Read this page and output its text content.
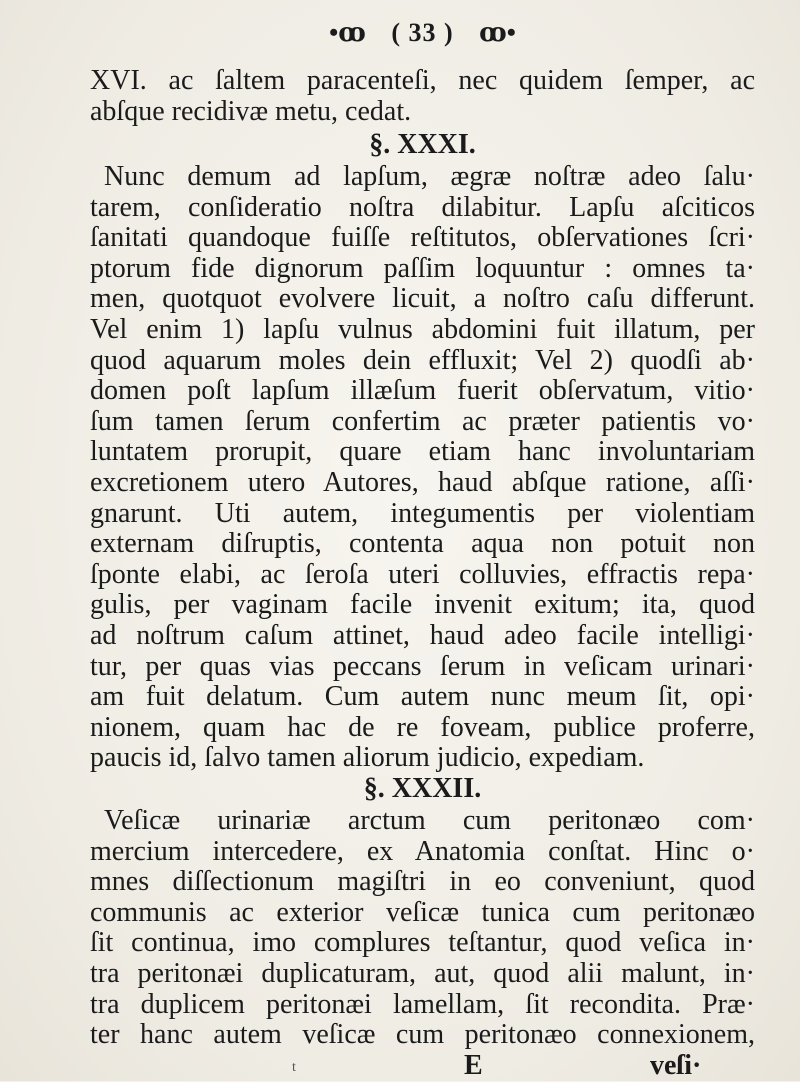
•ꝏ ( 33 ) ꝏ•
XVI. ac ſaltem paracenteſi, nec quidem ſemper, ac
abſque recidivæ metu, cedat.
§. XXXI.
Nunc demum ad lapſum, ægræ noſtræ adeo ſalu·
tarem, conſideratio noſtra dilabitur. Lapſu aſciticos
ſanitati quandoque fuiſſe reſtitutos, obſervationes ſcri·
ptorum fide dignorum paſſim loquuntur : omnes ta·
men, quotquot evolvere licuit, a noſtro caſu differunt.
Vel enim 1) lapſu vulnus abdomini fuit illatum, per
quod aquarum moles dein effluxit; Vel 2) quodſi ab·
domen poſt lapſum illæſum fuerit obſervatum, vitio·
ſum tamen ſerum confertim ac præter patientis vo·
luntatem prorupit, quare etiam hanc involuntariam
excretionem utero Autores, haud abſque ratione, aſſi·
gnarunt. Uti autem, integumentis per violentiam
externam diſruptis, contenta aqua non potuit non
ſponte elabi, ac ſeroſa uteri colluvies, effractis repa·
gulis, per vaginam facile invenit exitum; ita, quod
ad noſtrum caſum attinet, haud adeo facile intelligi·
tur, per quas vias peccans ſerum in veſicam urinari·
am fuit delatum. Cum autem nunc meum ſit, opi·
nionem, quam hac de re foveam, publice proferre,
paucis id, ſalvo tamen aliorum judicio, expediam.
§. XXXII.
Veſicæ urinariæ arctum cum peritonæo com·
mercium intercedere, ex Anatomia conſtat. Hinc o·
mnes diſſectionum magiſtri in eo conveniunt, quod
communis ac exterior veſicæ tunica cum peritonæo
ſit continua, imo complures teſtantur, quod veſica in·
tra peritonæi duplicaturam, aut, quod alii malunt, in·
tra duplicem peritonæi lamellam, ſit recondita. Præ·
ter hanc autem veſicæ cum peritonæo connexionem,
E	veſi·
t
